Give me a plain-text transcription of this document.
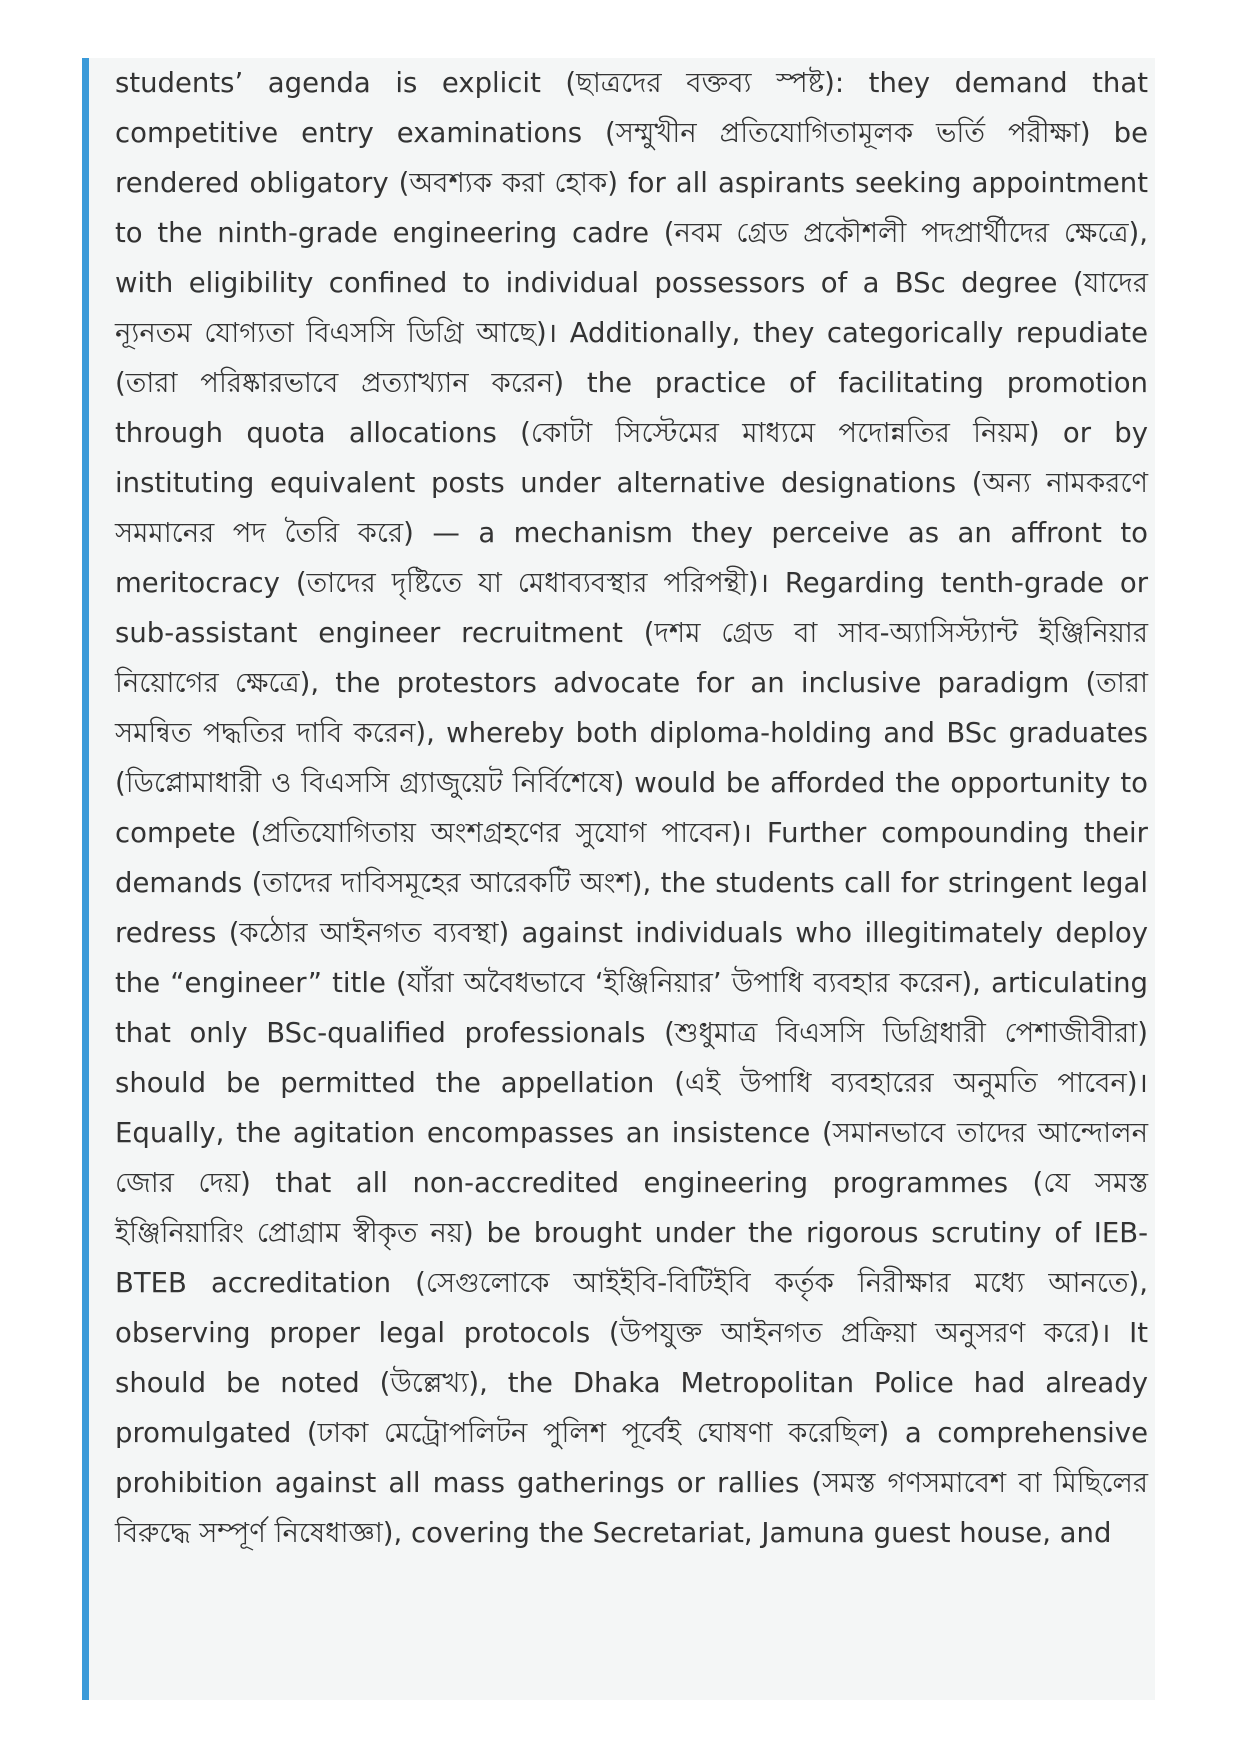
students’ agenda is explicit (ছাত্রদের বক্তব্য স্পষ্ট): they demand that competitive entry examinations (সম্মুখীন প্রতিযোগিতামূলক ভর্তি পরীক্ষা) be rendered obligatory (অবশ্যক করা হোক) for all aspirants seeking appointment to the ninth-grade engineering cadre (নবম গ্রেড প্রকৌশলী পদপ্রার্থীদের ক্ষেত্রে), with eligibility confined to individual possessors of a BSc degree (যাদের ন্যূনতম যোগ্যতা বিএসসি ডিগ্রি আছে)। Additionally, they categorically repudiate (তারা পরিষ্কারভাবে প্রত্যাখ্যান করেন) the practice of facilitating promotion through quota allocations (কোটা সিস্টেমের মাধ্যমে পদোন্নতির নিয়ম) or by instituting equivalent posts under alternative designations (অন্য নামকরণে সমমানের পদ তৈরি করে) — a mechanism they perceive as an affront to meritocracy (তাদের দৃষ্টিতে যা মেধাব্যবস্থার পরিপন্থী)। Regarding tenth-grade or sub-assistant engineer recruitment (দশম গ্রেড বা সাব-অ্যাসিস্ট্যান্ট ইঞ্জিনিয়ার নিয়োগের ক্ষেত্রে), the protestors advocate for an inclusive paradigm (তারা সমন্বিত পদ্ধতির দাবি করেন), whereby both diploma-holding and BSc graduates (ডিপ্লোমাধারী ও বিএসসি গ্র্যাজুয়েট নির্বিশেষে) would be afforded the opportunity to compete (প্রতিযোগিতায় অংশগ্রহণের সুযোগ পাবেন)। Further compounding their demands (তাদের দাবিসমূহের আরেকটি অংশ), the students call for stringent legal redress (কঠোর আইনগত ব্যবস্থা) against individuals who illegitimately deploy the “engineer” title (যাঁরা অবৈধভাবে ‘ইঞ্জিনিয়ার’ উপাধি ব্যবহার করেন), articulating that only BSc-qualified professionals (শুধুমাত্র বিএসসি ডিগ্রিধারী পেশাজীবীরা) should be permitted the appellation (এই উপাধি ব্যবহারের অনুমতি পাবেন)। Equally, the agitation encompasses an insistence (সমানভাবে তাদের আন্দোলন জোর দেয়) that all non-accredited engineering programmes (যে সমস্ত ইঞ্জিনিয়ারিং প্রোগ্রাম স্বীকৃত নয়) be brought under the rigorous scrutiny of IEB-BTEB accreditation (সেগুলোকে আইইবি-বিটিইবি কর্তৃক নিরীক্ষার মধ্যে আনতে), observing proper legal protocols (উপযুক্ত আইনগত প্রক্রিয়া অনুসরণ করে)। It should be noted (উল্লেখ্য), the Dhaka Metropolitan Police had already promulgated (ঢাকা মেট্রোপলিটন পুলিশ পূর্বেই ঘোষণা করেছিল) a comprehensive prohibition against all mass gatherings or rallies (সমস্ত গণসমাবেশ বা মিছিলের বিরুদ্ধে সম্পূর্ণ নিষেধাজ্ঞা), covering the Secretariat, Jamuna guest house, and
